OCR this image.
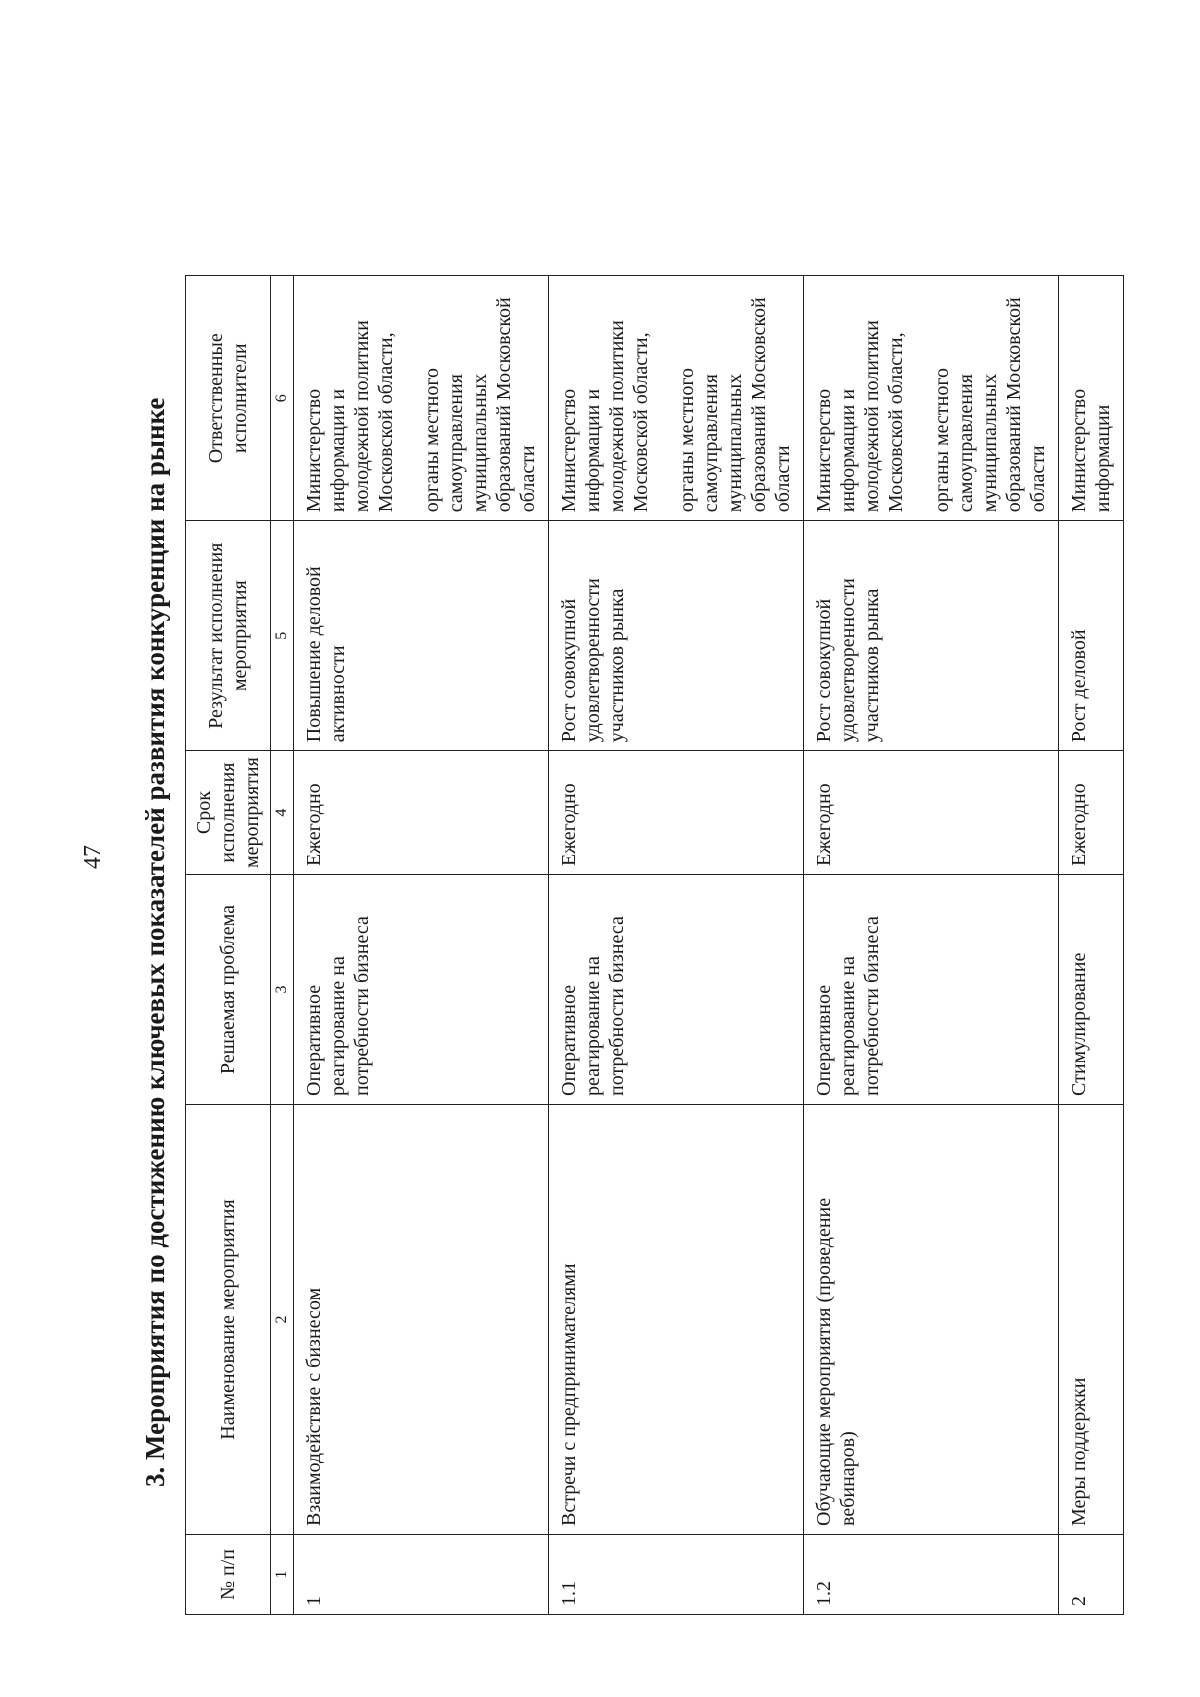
47 3. Мероприятия по достижению ключевых показателей развития конкуренции на рынке
№ п/п	Наименование мероприятия	Решаемая проблема	Срок исполнения мероприятия	Результат исполнения мероприятия	Ответственные исполнители
1	2	3	4	5	6
1	Взаимодействие с бизнесом	Оперативное реагирование на потребности бизнеса	Ежегодно	Повышение деловой активности	Министерство информации и молодежной политики Московской области, органы местного самоуправления муниципальных образований Московской области

1.1	Встречи с предпринимателями	Оперативное реагирование на потребности бизнеса	Ежегодно	Рост совокупной удовлетворенности участников рынка	Министерство информации и молодежной политики Московской области, органы местного самоуправления муниципальных образований Московской области

1.2	Обучающие мероприятия (проведение вебинаров)	Оперативное реагирование на потребности бизнеса	Ежегодно	Рост совокупной удовлетворенности участников рынка	Министерство информации и молодежной политики Московской области, органы местного самоуправления муниципальных образований Московской области

2	Меры поддержки	Стимулирование	Ежегодно	Рост деловой	Министерство информации
